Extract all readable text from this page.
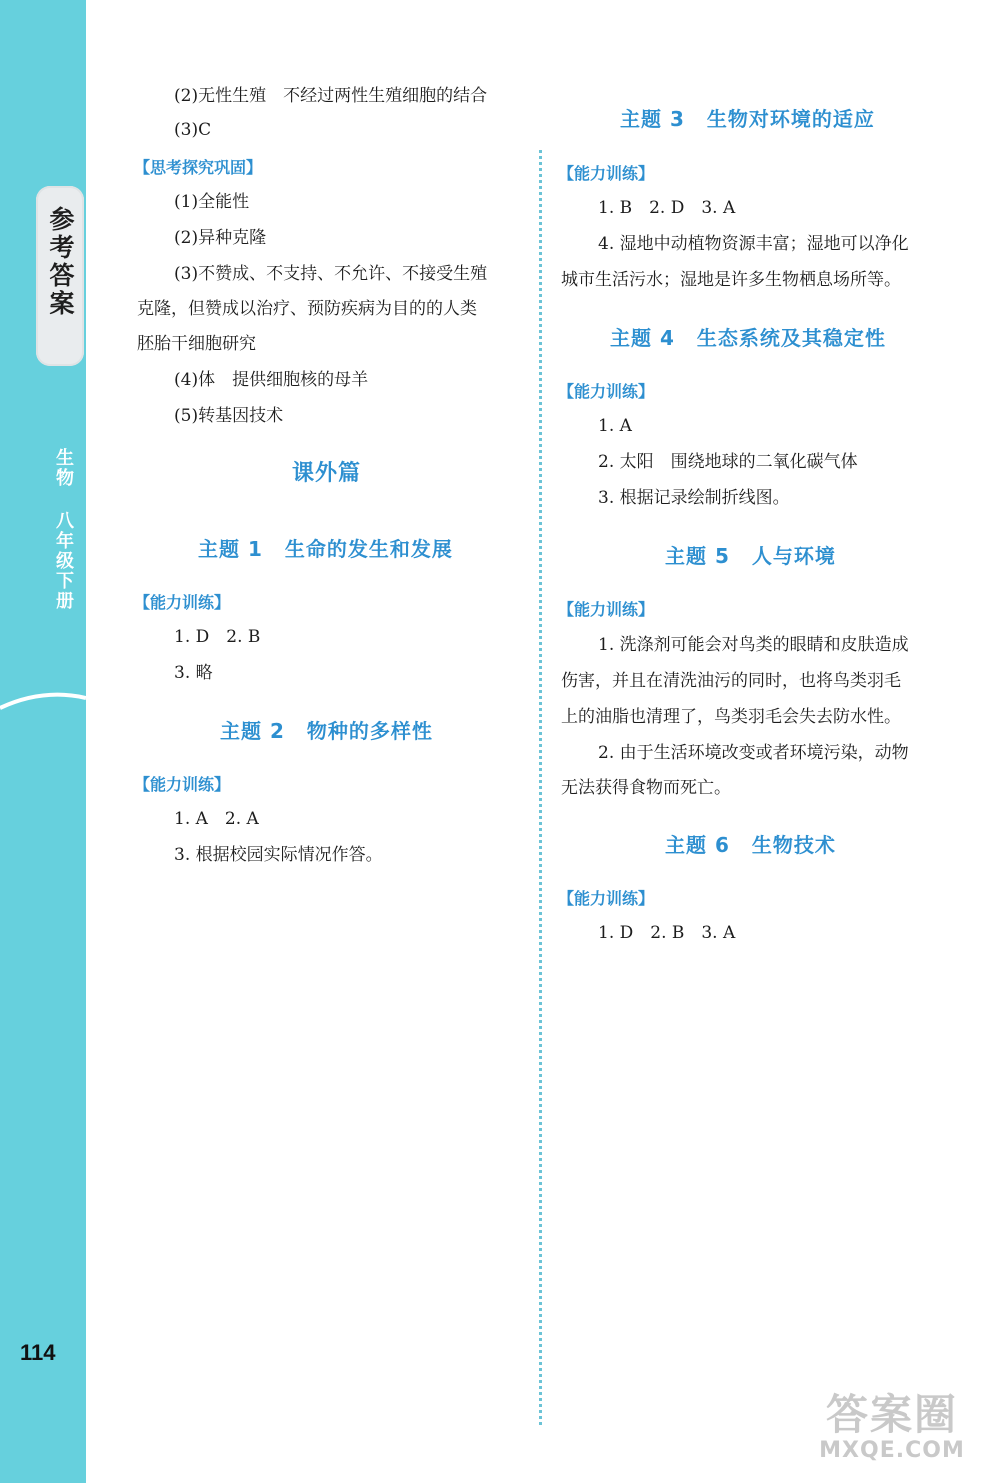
参考答案
生物 八年级下册
114
(2)无性生殖　不经过两性生殖细胞的结合
(3)C
【思考探究巩固】
(1)全能性
(2)异种克隆
(3)不赞成、不支持、不允许、不接受生殖
克隆，但赞成以治疗、预防疾病为目的的人类
胚胎干细胞研究
(4)体　提供细胞核的母羊
(5)转基因技术
课外篇
主题 1 生命的发生和发展
【能力训练】
1. D　2. B
3. 略
主题 2 物种的多样性
【能力训练】
1. A　2. A
3. 根据校园实际情况作答。
主题 3 生物对环境的适应
【能力训练】
1. B　2. D　3. A
4. 湿地中动植物资源丰富；湿地可以净化
城市生活污水；湿地是许多生物栖息场所等。
主题 4 生态系统及其稳定性
【能力训练】
1. A
2. 太阳　围绕地球的二氧化碳气体
3. 根据记录绘制折线图。
主题 5 人与环境
【能力训练】
1. 洗涤剂可能会对鸟类的眼睛和皮肤造成
伤害，并且在清洗油污的同时，也将鸟类羽毛
上的油脂也清理了，鸟类羽毛会失去防水性。
2. 由于生活环境改变或者环境污染，动物
无法获得食物而死亡。
主题 6 生物技术
【能力训练】
1. D　2. B　3. A
答案圈
MXQE.COM
